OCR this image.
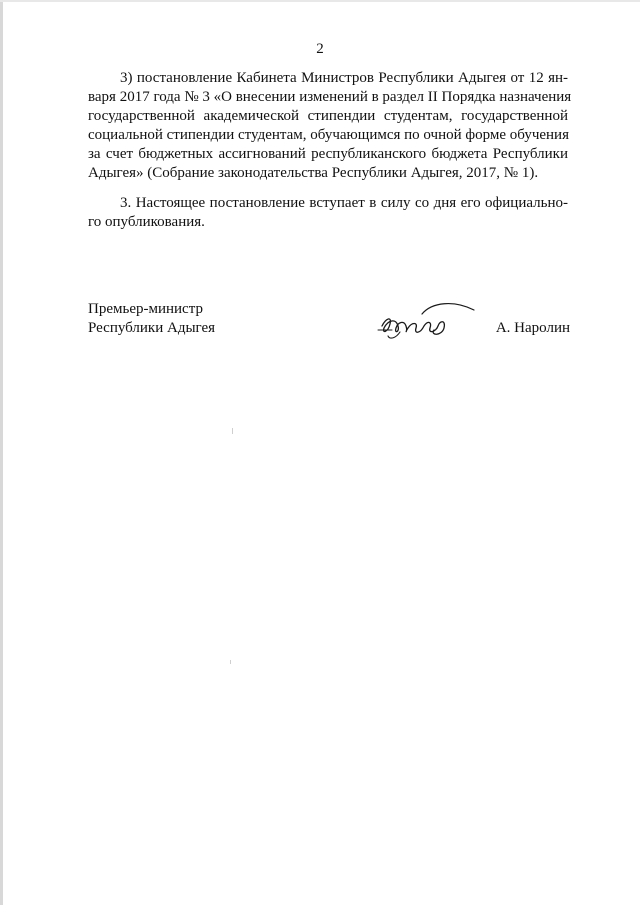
2
3) постановление Кабинета Министров Республики Адыгея от 12 ян-
варя 2017 года № 3 «О внесении изменений в раздел II Порядка назначения
государственной академической стипендии студентам, государственной
социальной стипендии студентам, обучающимся по очной форме обучения
за счет бюджетных ассигнований республиканского бюджета Республики
Адыгея» (Собрание законодательства Республики Адыгея, 2017, № 1).
3. Настоящее постановление вступает в силу со дня его официально-
го опубликования.
Премьер-министр
Республики Адыгея	А. Наролин
